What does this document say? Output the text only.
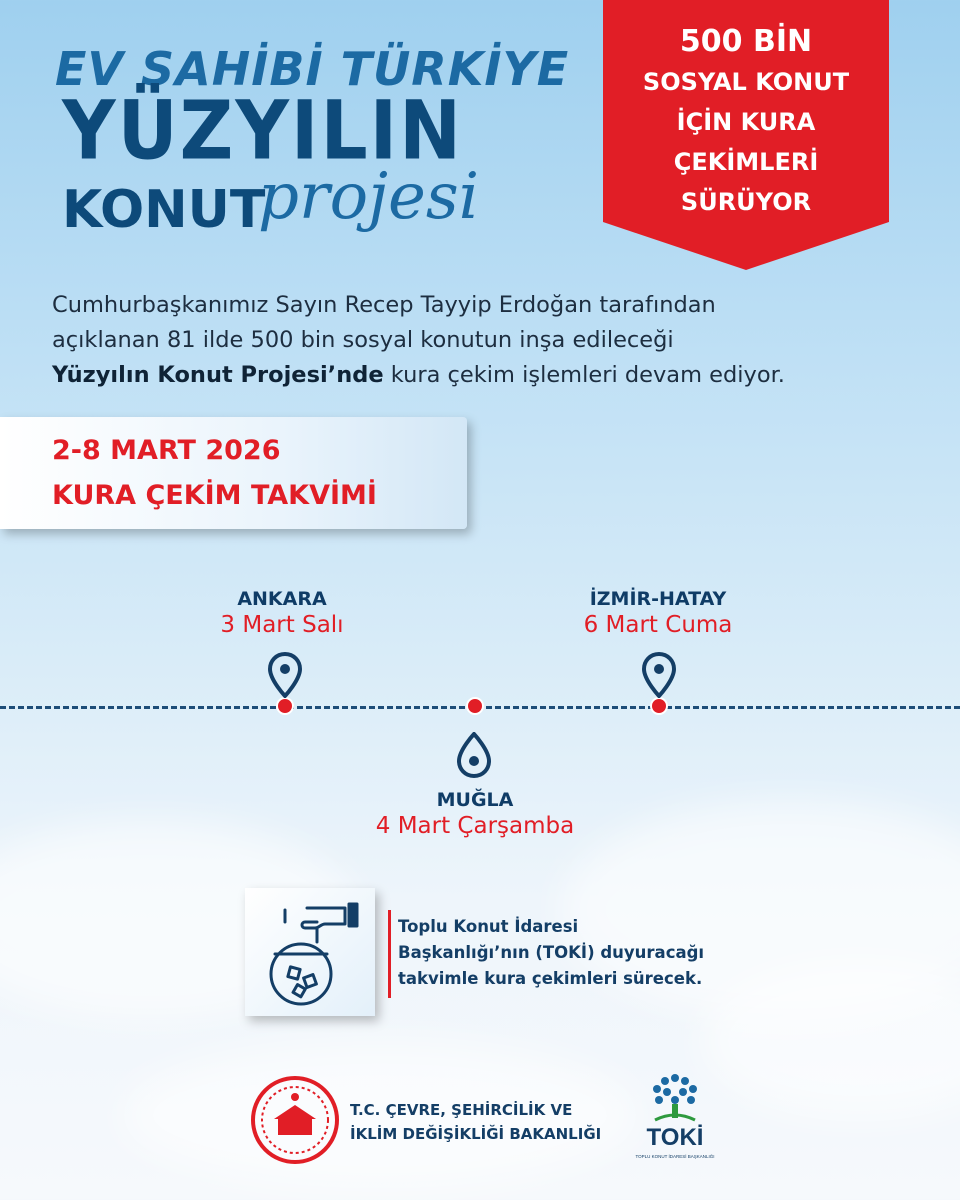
EV SAHİBİ TÜRKİYE
YÜZYILIN
KONUT
projesi
500 BİN
SOSYAL KONUT
İÇİN KURA
ÇEKİMLERİ
SÜRÜYOR
Cumhurbaşkanımız Sayın Recep Tayyip Erdoğan tarafından
açıklanan 81 ilde 500 bin sosyal konutun inşa edileceği
Yüzyılın Konut Projesi’nde kura çekim işlemleri devam ediyor.
2-8 MART 2026
KURA ÇEKİM TAKVİMİ
ANKARA
3 Mart Salı
İZMİR-HATAY
6 Mart Cuma
MUĞLA
4 Mart Çarşamba
Toplu Konut İdaresi
Başkanlığı’nın (TOKİ) duyuracağı
takvimle kura çekimleri sürecek.
T.C. ÇEVRE, ŞEHİRCİLİK VE
İKLİM DEĞİŞİKLİĞİ BAKANLIĞI TOKİ
TOPLU KONUT İDARESİ BAŞKANLIĞI
